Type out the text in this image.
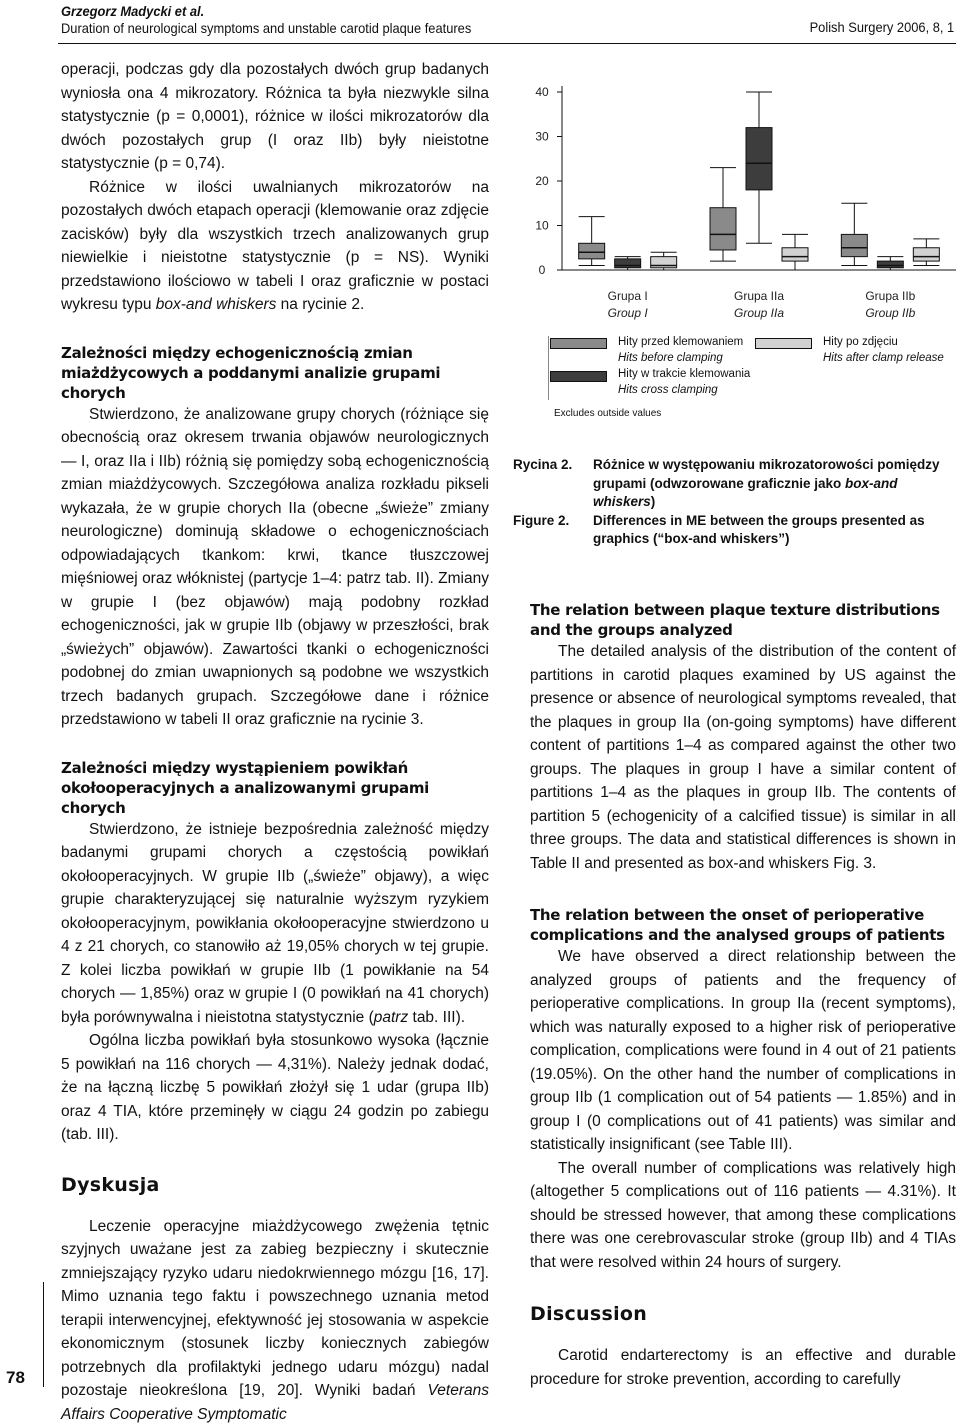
Grzegorz Madycki et al.
Duration of neurological symptoms and unstable carotid plaque features	Polish Surgery 2006, 8, 1

operacji, podczas gdy dla pozostałych dwóch grup badanych wyniosła ona 4 mikrozatory. Różnica ta była niezwykle silna statystycznie (p = 0,0001), różnice w ilości mikrozatorów dla dwóch pozostałych grup (I oraz IIb) były nieistotne statystycznie (p = 0,74).

Różnice w ilości uwalnianych mikrozatorów na pozostałych dwóch etapach operacji (klemowanie oraz zdjęcie zacisków) były dla wszystkich trzech analizowanych grup niewielkie i nieistotne statystycznie (p = NS). Wyniki przedstawiono ilościowo w tabeli I oraz graficznie w postaci wykresu typu box-and whiskers na rycinie 2.

Zależności między echogenicznością zmian miażdżycowych a poddanymi analizie grupami chorych

Stwierdzono, że analizowane grupy chorych (różniące się obecnością oraz okresem trwania objawów neurologicznych — I, oraz IIa i IIb) różnią się pomiędzy sobą echogenicznością zmian miażdżycowych. Szczegółowa analiza rozkładu pikseli wykazała, że w grupie chorych IIa (obecne „świeże” zmiany neurologiczne) dominują składowe o echogenicznościach odpowiadających tkankom: krwi, tkance tłuszczowej mięśniowej oraz włóknistej (partycje 1–4: patrz tab. II). Zmiany w grupie I (bez objawów) mają podobny rozkład echogeniczności, jak w grupie IIb (objawy w przeszłości, brak „świeżych” objawów). Zawartości tkanki o echogeniczności podobnej do zmian uwapnionych są podobne we wszystkich trzech badanych grupach. Szczegółowe dane i różnice przedstawiono w tabeli II oraz graficznie na rycinie 3.

Zależności między wystąpieniem powikłań okołooperacyjnych a analizowanymi grupami chorych

Stwierdzono, że istnieje bezpośrednia zależność między badanymi grupami chorych a częstością powikłań okołooperacyjnych. W grupie IIb („świeże” objawy), a więc grupie charakteryzującej się naturalnie wyższym ryzykiem okołooperacyjnym, powikłania okołooperacyjne stwierdzono u 4 z 21 chorych, co stanowiło aż 19,05% chorych w tej grupie. Z kolei liczba powikłań w grupie IIb (1 powikłanie na 54 chorych — 1,85%) oraz w grupie I (0 powikłań na 41 chorych) była porównywalna i nieistotna statystycznie (patrz tab. III).

Ogólna liczba powikłań była stosunkowo wysoka (łącznie 5 powikłań na 116 chorych — 4,31%). Należy jednak dodać, że na łączną liczbę 5 powikłań złożył się 1 udar (grupa IIb) oraz 4 TIA, które przeminęły w ciągu 24 godzin po zabiegu (tab. III).

Dyskusja

Leczenie operacyjne miażdżycowego zwężenia tętnic szyjnych uważane jest za zabieg bezpieczny i skutecznie zmniejszający ryzyko udaru niedokrwiennego mózgu [16, 17]. Mimo uznania tego faktu i powszechnego uznania metod terapii interwencyjnej, efektywność jej stosowania w aspekcie ekonomicznym (stosunek liczby koniecznych zabiegów potrzebnych dla profilaktyki jednego udaru mózgu) nadal pozostaje nieokreślona [19, 20]. Wyniki badań Veterans Affairs Cooperative Symptomatic

78
0
10
20
30
40
Grupa I
Group I
Grupa IIa
Group IIa
Grupa IIb
Group IIb
Hity przed klemowaniem
Hits before clamping
Hity w trakcie klemowania
Hits cross clamping
Hity po zdjęciu
Hits after clamp release
Excludes outside values
Rycina 2. Różnice w występowaniu mikrozatorowości pomiędzy grupami (odwzorowane graficznie jako box-and whiskers)
Figure 2. Differences in ME between the groups presented as graphics (“box-and whiskers”)
The relation between plaque texture distributions and the groups analyzed

The detailed analysis of the distribution of the content of partitions in carotid plaques examined by US against the presence or absence of neurological symptoms revealed, that the plaques in group IIa (on-going symptoms) have different content of partitions 1–4 as compared against the other two groups. The plaques in group I have a similar content of partitions 1–4 as the plaques in group IIb. The contents of partition 5 (echogenicity of a calcified tissue) is similar in all three groups. The data and statistical differences is shown in Table II and presented as box-and whiskers Fig. 3.

The relation between the onset of perioperative complications and the analysed groups of patients

We have observed a direct relationship between the analyzed groups of patients and the frequency of perioperative complications. In group IIa (recent symptoms), which was naturally exposed to a higher risk of perioperative complication, complications were found in 4 out of 21 patients (19.05%). On the other hand the number of complications in group IIb (1 complication out of 54 patients — 1.85%) and in group I (0 complications out of 41 patients) was similar and statistically insignificant (see Table III).

The overall number of complications was relatively high (altogether 5 complications out of 116 patients — 4.31%). It should be stressed however, that among these complications there was one cerebrovascular stroke (group IIb) and 4 TIAs that were resolved within 24 hours of surgery.

Discussion

Carotid endarterectomy is an effective and durable procedure for stroke prevention, according to carefully
